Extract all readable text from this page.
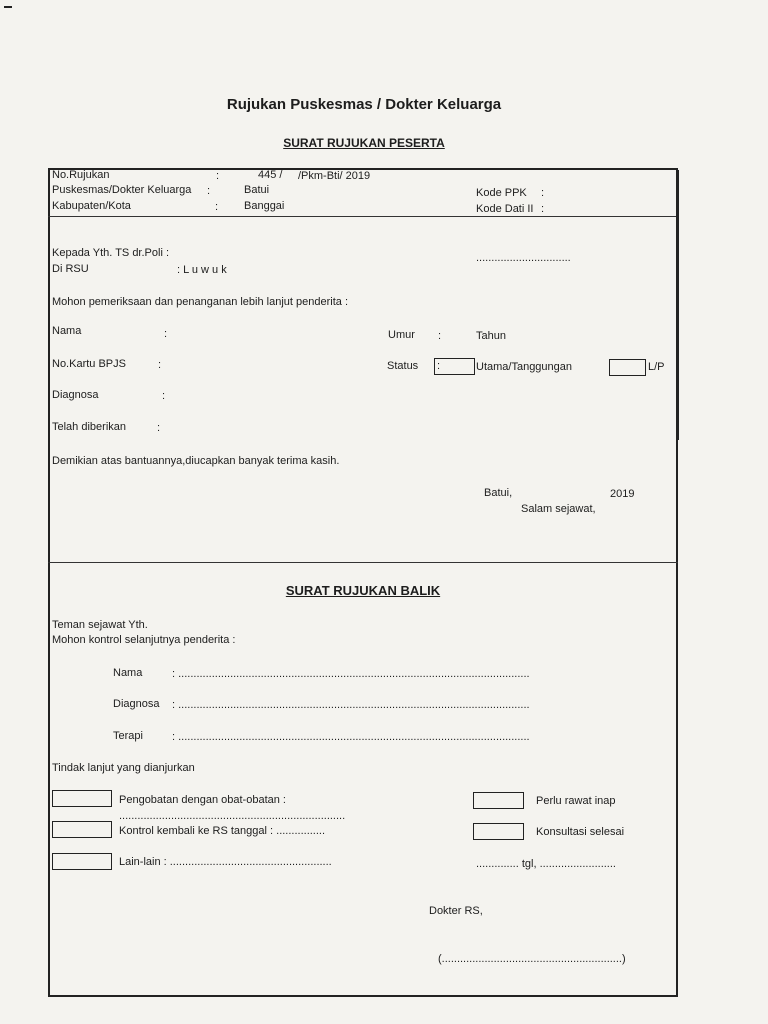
Rujukan Puskesmas / Dokter Keluarga
SURAT RUJUKAN PESERTA
No.Rujukan	:	445 / /Pkm-Bti/ 2019
Puskesmas/Dokter Keluarga :	Batui
Kabupaten/Kota	: Banggai
Kode PPK :
Kode Dati II :
Kepada Yth. TS dr.Poli :	...............................
Di RSU	: L u w u k
Mohon pemeriksaan dan penanganan lebih lanjut penderita :
Nama	:	Umur :	Tahun
No.Kartu BPJS	:	Status :	Utama/Tanggungan	L/P
Diagnosa	:
Telah diberikan	:
Demikian atas bantuannya,diucapkan banyak terima kasih.
Batui,	2019
Salam sejawat,
SURAT RUJUKAN BALIK
Teman sejawat Yth.
Mohon kontrol selanjutnya penderita :
Nama	: ...................................................................................................................
Diagnosa : ...................................................................................................................
Terapi	: ...................................................................................................................
Tindak lanjut yang dianjurkan
Pengobatan dengan obat-obatan :
..........................................................................
Kontrol kembali ke RS tanggal : ................
Lain-lain : .....................................................
Perlu rawat inap
Konsultasi selesai
.............. tgl, .........................
Dokter RS,
(...........................................................)
